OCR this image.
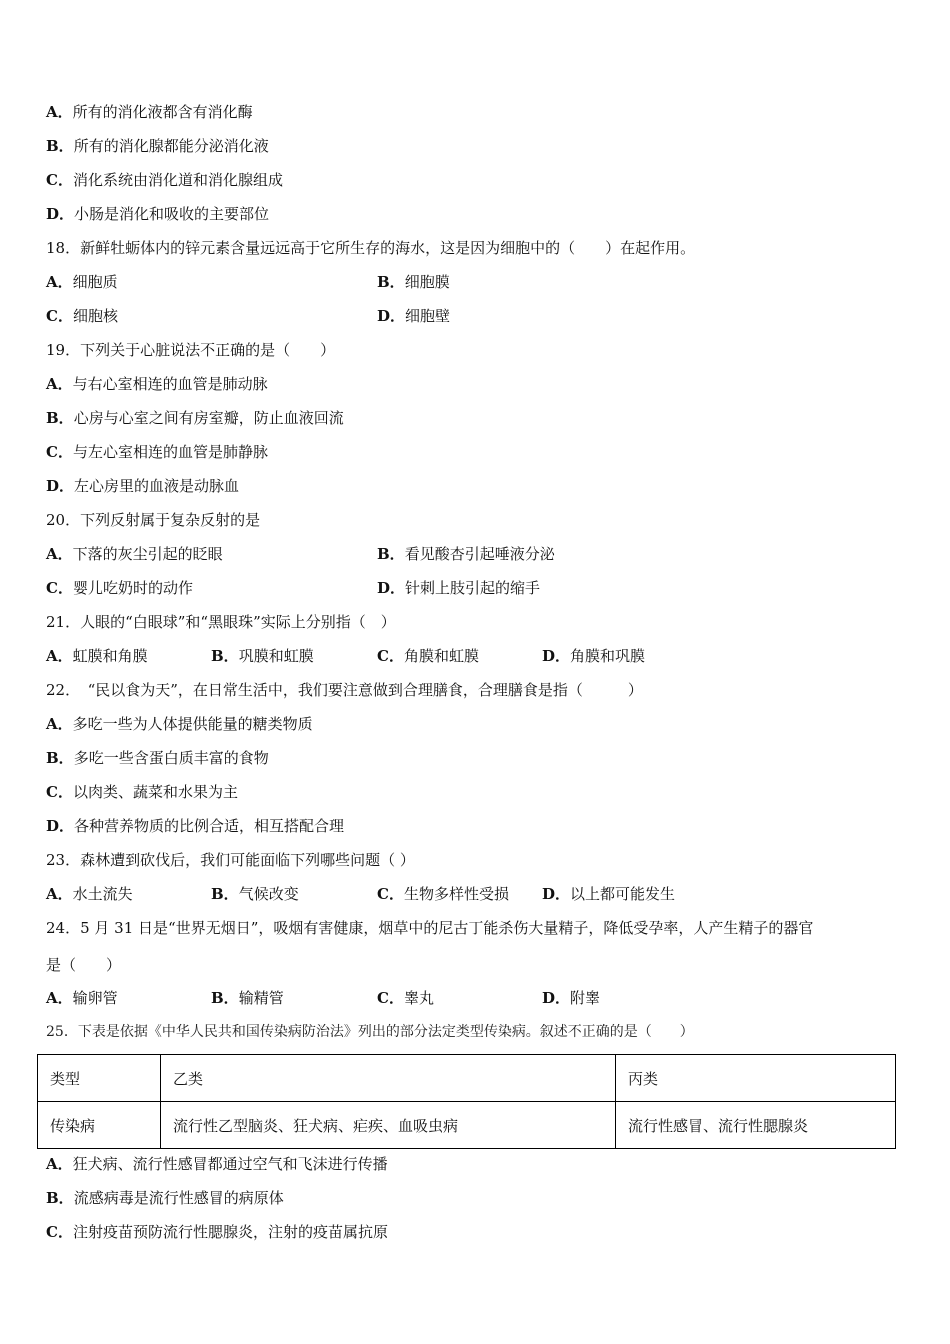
A．所有的消化液都含有消化酶
B．所有的消化腺都能分泌消化液
C．消化系统由消化道和消化腺组成
D．小肠是消化和吸收的主要部位
18．新鲜牡蛎体内的锌元素含量远远高于它所生存的海水，这是因为细胞中的（　　）在起作用。
A．细胞质	B．细胞膜
C．细胞核	D．细胞壁
19．下列关于心脏说法不正确的是（　　）
A．与右心室相连的血管是肺动脉
B．心房与心室之间有房室瓣，防止血液回流
C．与左心室相连的血管是肺静脉
D．左心房里的血液是动脉血
20．下列反射属于复杂反射的是
A．下落的灰尘引起的眨眼	B．看见酸杏引起唾液分泌
C．婴儿吃奶时的动作	D．针刺上肢引起的缩手
21．人眼的“白眼球”和“黑眼珠”实际上分别指（　）
A．虹膜和角膜	B．巩膜和虹膜	C．角膜和虹膜	D．角膜和巩膜
22．　“民以食为天”，在日常生活中，我们要注意做到合理膳食，合理膳食是指（　　　）
A．多吃一些为人体提供能量的糖类物质
B．多吃一些含蛋白质丰富的食物
C．以肉类、蔬菜和水果为主
D．各种营养物质的比例合适，相互搭配合理
23．森林遭到砍伐后，我们可能面临下列哪些问题（ ）
A．水土流失	B．气候改变	C．生物多样性受损 D．以上都可能发生
24．5 月 31 日是“世界无烟日”，吸烟有害健康，烟草中的尼古丁能杀伤大量精子，降低受孕率，人产生精子的器官
是（　　）
A．输卵管	B．输精管	C．睾丸	D．附睾
25．下表是依据《中华人民共和国传染病防治法》列出的部分法定类型传染病。叙述不正确的是（　　）
类型	乙类	丙类
传染病	流行性乙型脑炎、狂犬病、疟疾、血吸虫病	流行性感冒、流行性腮腺炎
A．狂犬病、流行性感冒都通过空气和飞沫进行传播
B．流感病毒是流行性感冒的病原体
C．注射疫苗预防流行性腮腺炎，注射的疫苗属抗原
